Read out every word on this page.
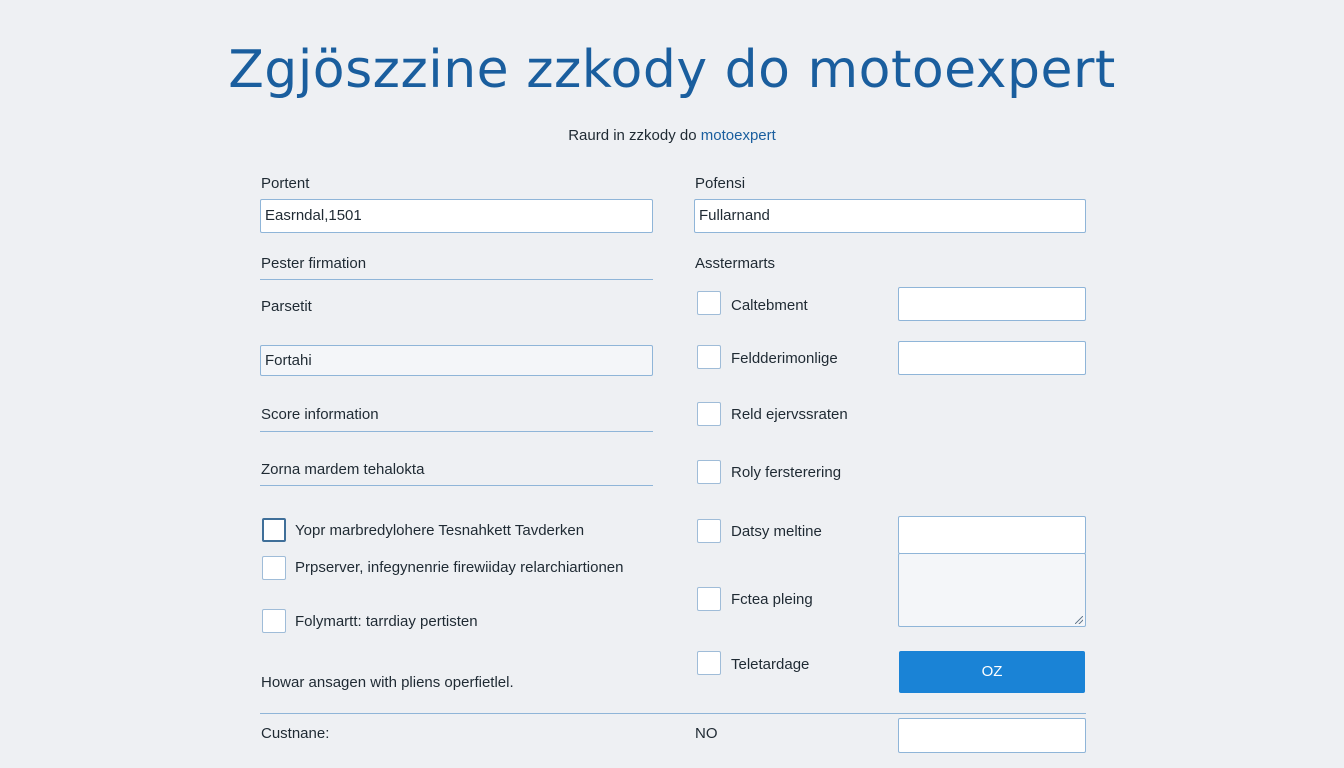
Zgjöszzine zzkody do motoexpert
Raurd in zzkody do motoexpert
Portent
Easrndal,1501
Pester firmation
Parsetit
Fortahi
Score information
Zorna mardem tehalokta
Yopr marbredylohere Tesnahkett Tavderken
Prpserver, infegynenrie firewiiday relarchiartionen
Folymartt: tarrdiay pertisten
Howar ansagen with pliens operfietlel.
Pofensi
Fullarnand
Asstermarts
Caltebment
Feldderimonlige
Reld ejervssraten
Roly fersterering
Datsy meltine
Fctea pleing
Teletardage	OZ
Custnane:	NO
